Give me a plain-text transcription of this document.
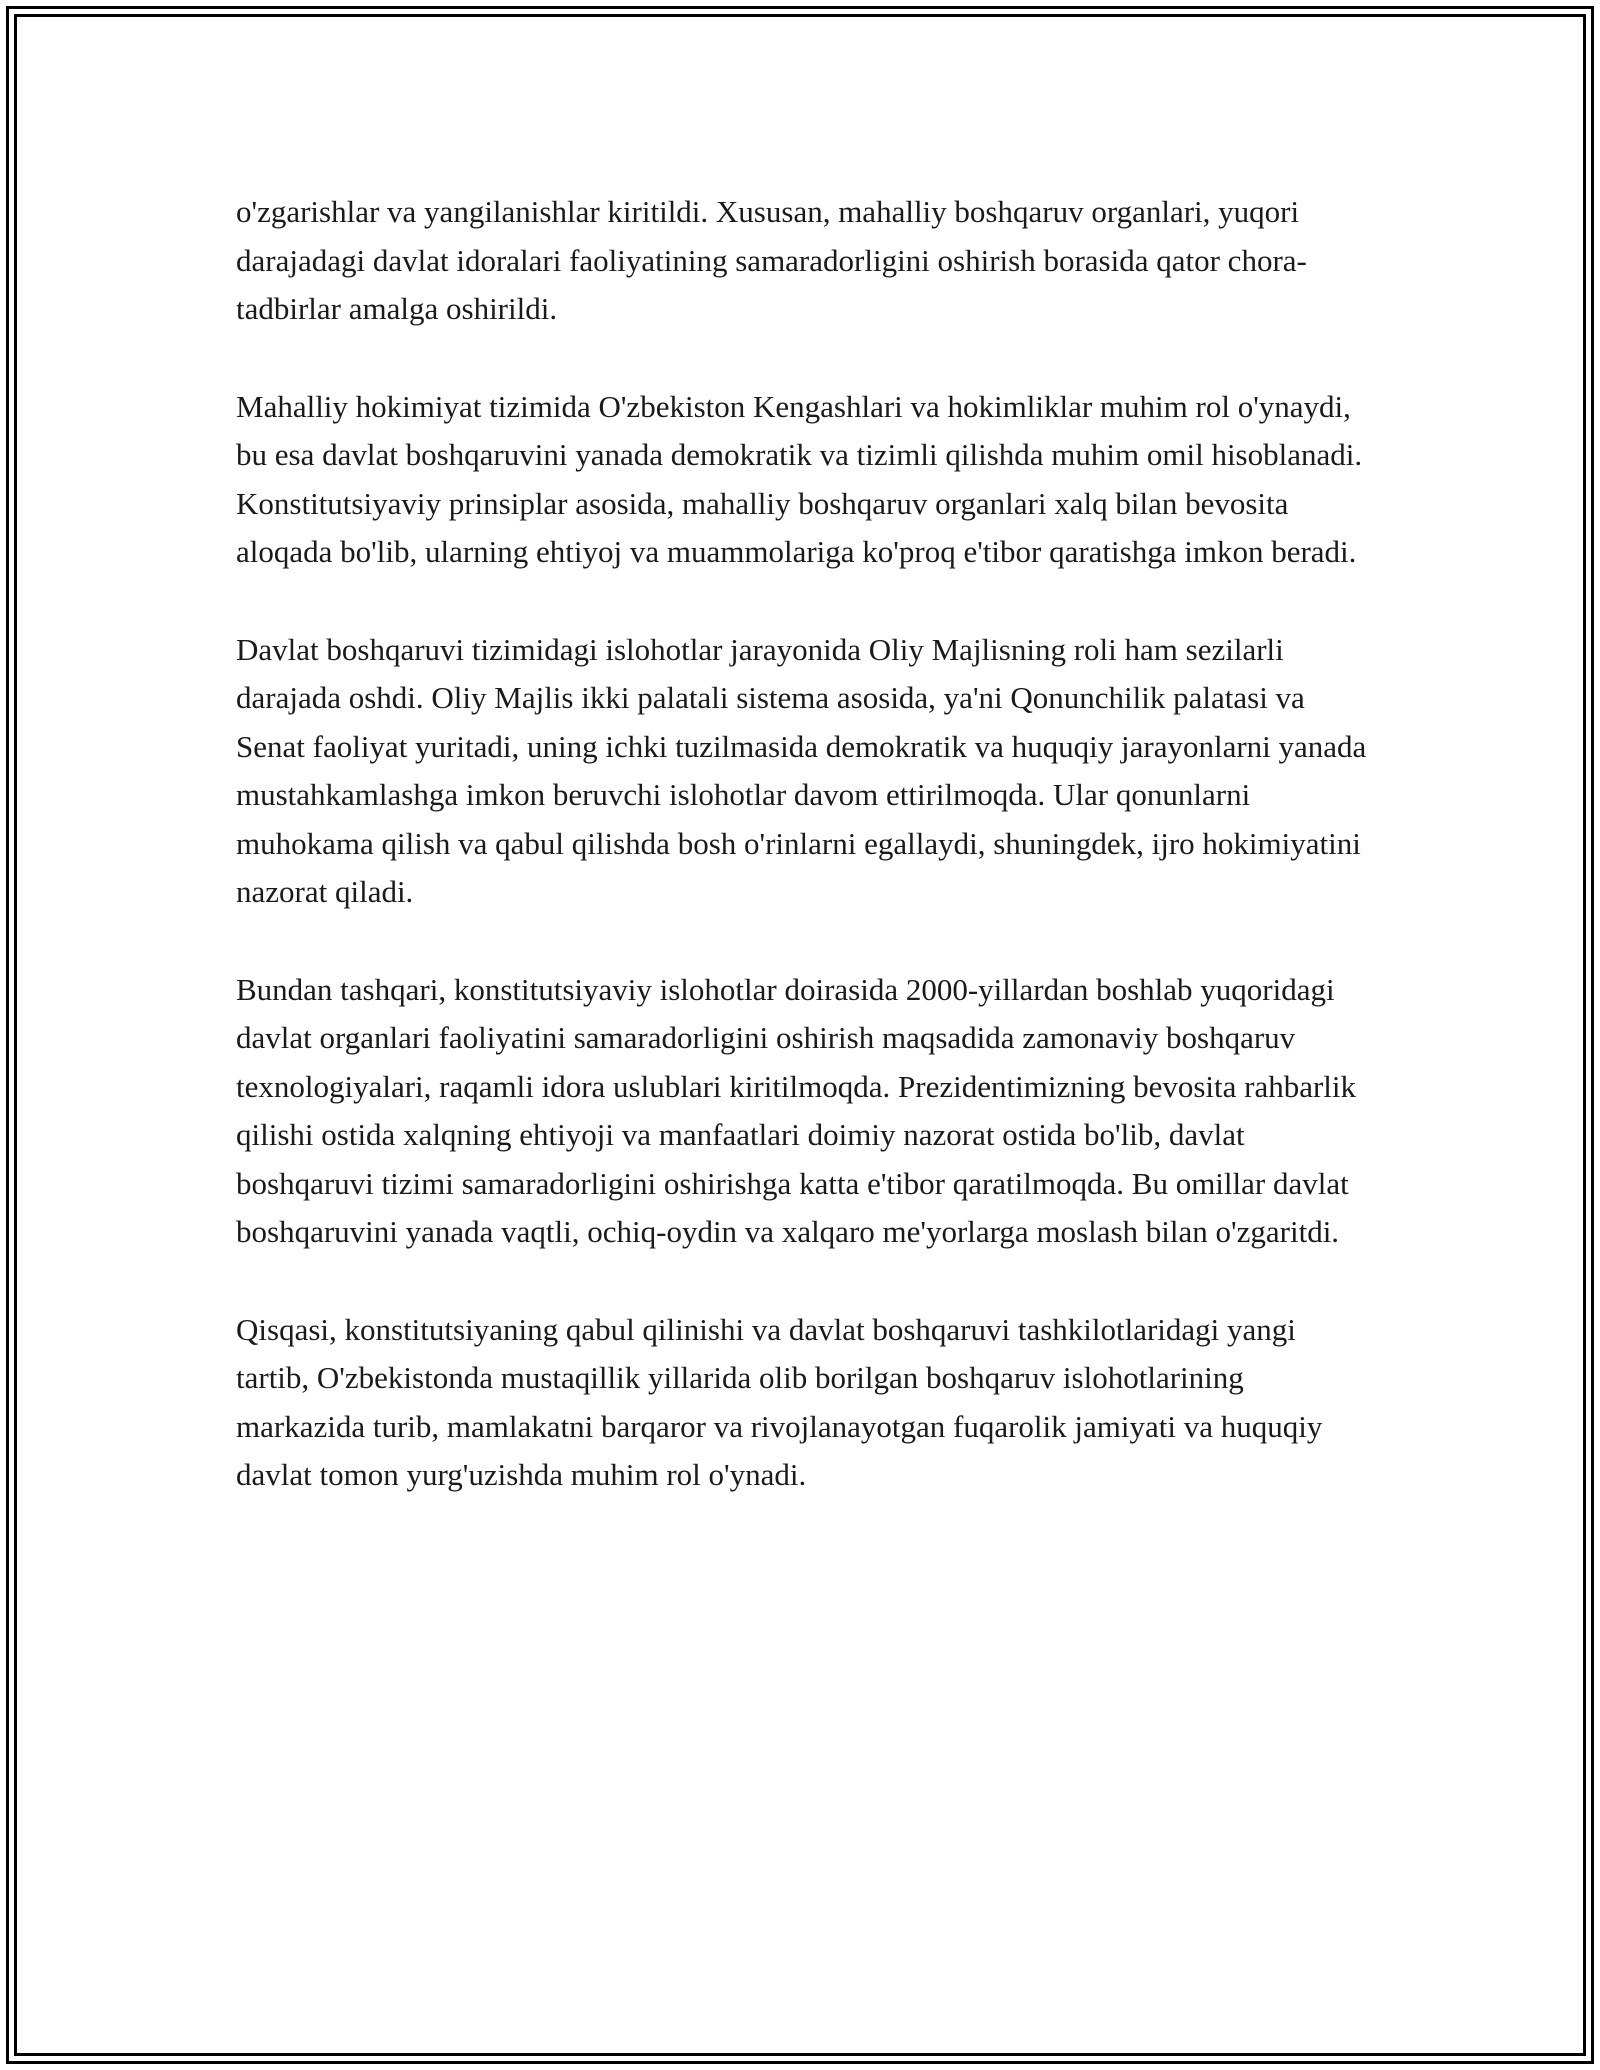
o'zgarishlar va yangilanishlar kiritildi. Xususan, mahalliy boshqaruv organlari, yuqori darajadagi davlat idoralari faoliyatining samaradorligini oshirish borasida qator chora-tadbirlar amalga oshirildi.

Mahalliy hokimiyat tizimida O'zbekiston Kengashlari va hokimliklar muhim rol o'ynaydi, bu esa davlat boshqaruvini yanada demokratik va tizimli qilishda muhim omil hisoblanadi. Konstitutsiyaviy prinsiplar asosida, mahalliy boshqaruv organlari xalq bilan bevosita aloqada bo'lib, ularning ehtiyoj va muammolariga ko'proq e'tibor qaratishga imkon beradi.

Davlat boshqaruvi tizimidagi islohotlar jarayonida Oliy Majlisning roli ham sezilarli darajada oshdi. Oliy Majlis ikki palatali sistema asosida, ya'ni Qonunchilik palatasi va Senat faoliyat yuritadi, uning ichki tuzilmasida demokratik va huquqiy jarayonlarni yanada mustahkamlashga imkon beruvchi islohotlar davom ettirilmoqda. Ular qonunlarni muhokama qilish va qabul qilishda bosh o'rinlarni egallaydi, shuningdek, ijro hokimiyatini nazorat qiladi.

Bundan tashqari, konstitutsiyaviy islohotlar doirasida 2000-yillardan boshlab yuqoridagi davlat organlari faoliyatini samaradorligini oshirish maqsadida zamonaviy boshqaruv texnologiyalari, raqamli idora uslublari kiritilmoqda. Prezidentimizning bevosita rahbarlik qilishi ostida xalqning ehtiyoji va manfaatlari doimiy nazorat ostida bo'lib, davlat boshqaruvi tizimi samaradorligini oshirishga katta e'tibor qaratilmoqda. Bu omillar davlat boshqaruvini yanada vaqtli, ochiq-oydin va xalqaro me'yorlarga moslash bilan o'zgaritdi.

Qisqasi, konstitutsiyaning qabul qilinishi va davlat boshqaruvi tashkilotlaridagi yangi tartib, O'zbekistonda mustaqillik yillarida olib borilgan boshqaruv islohotlarining markazida turib, mamlakatni barqaror va rivojlanayotgan fuqarolik jamiyati va huquqiy davlat tomon yurg'uzishda muhim rol o'ynadi.
